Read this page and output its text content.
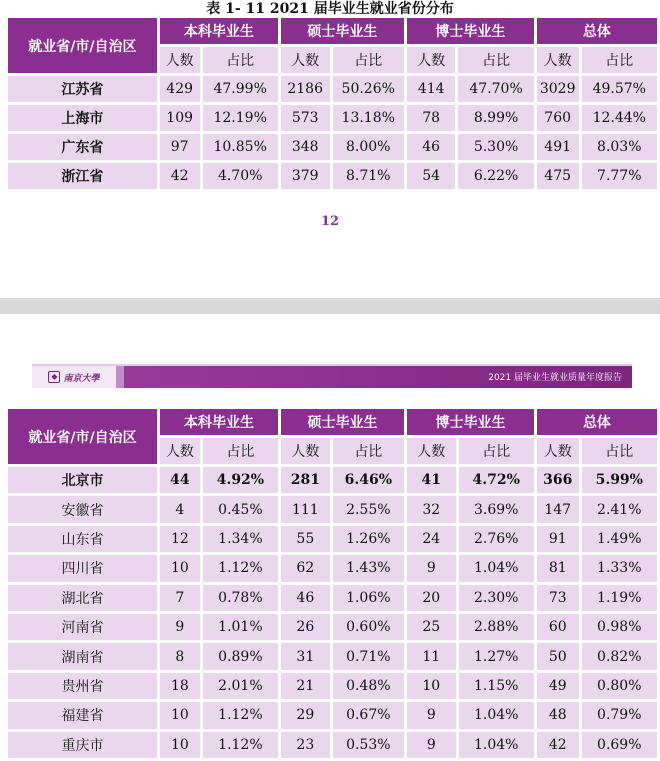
表 1- 11 2021 届毕业生就业省份分布
就业省/市/自治区	本科毕业生		硕士毕业生		博士毕业生		总体	
	人数	占比	人数	占比	人数	占比	人数	占比
江苏省	429	47.99%	2186	50.26%	414	47.70%	3029	49.57%
上海市	109	12.19%	573	13.18%	78	8.99%	760	12.44%
广东省	97	10.85%	348	8.00%	46	5.30%	491	8.03%
浙江省	42	4.70%	379	8.71%	54	6.22%	475	7.77%
12
◆ 南京大學	2021 届毕业生就业质量年度报告
就业省/市/自治区	本科毕业生		硕士毕业生		博士毕业生		总体	
	人数	占比	人数	占比	人数	占比	人数	占比
北京市	44	4.92%	281	6.46%	41	4.72%	366	5.99%
安徽省	4	0.45%	111	2.55%	32	3.69%	147	2.41%
山东省	12	1.34%	55	1.26%	24	2.76%	91	1.49%
四川省	10	1.12%	62	1.43%	9	1.04%	81	1.33%
湖北省	7	0.78%	46	1.06%	20	2.30%	73	1.19%
河南省	9	1.01%	26	0.60%	25	2.88%	60	0.98%
湖南省	8	0.89%	31	0.71%	11	1.27%	50	0.82%
贵州省	18	2.01%	21	0.48%	10	1.15%	49	0.80%
福建省	10	1.12%	29	0.67%	9	1.04%	48	0.79%
重庆市	10	1.12%	23	0.53%	9	1.04%	42	0.69%
